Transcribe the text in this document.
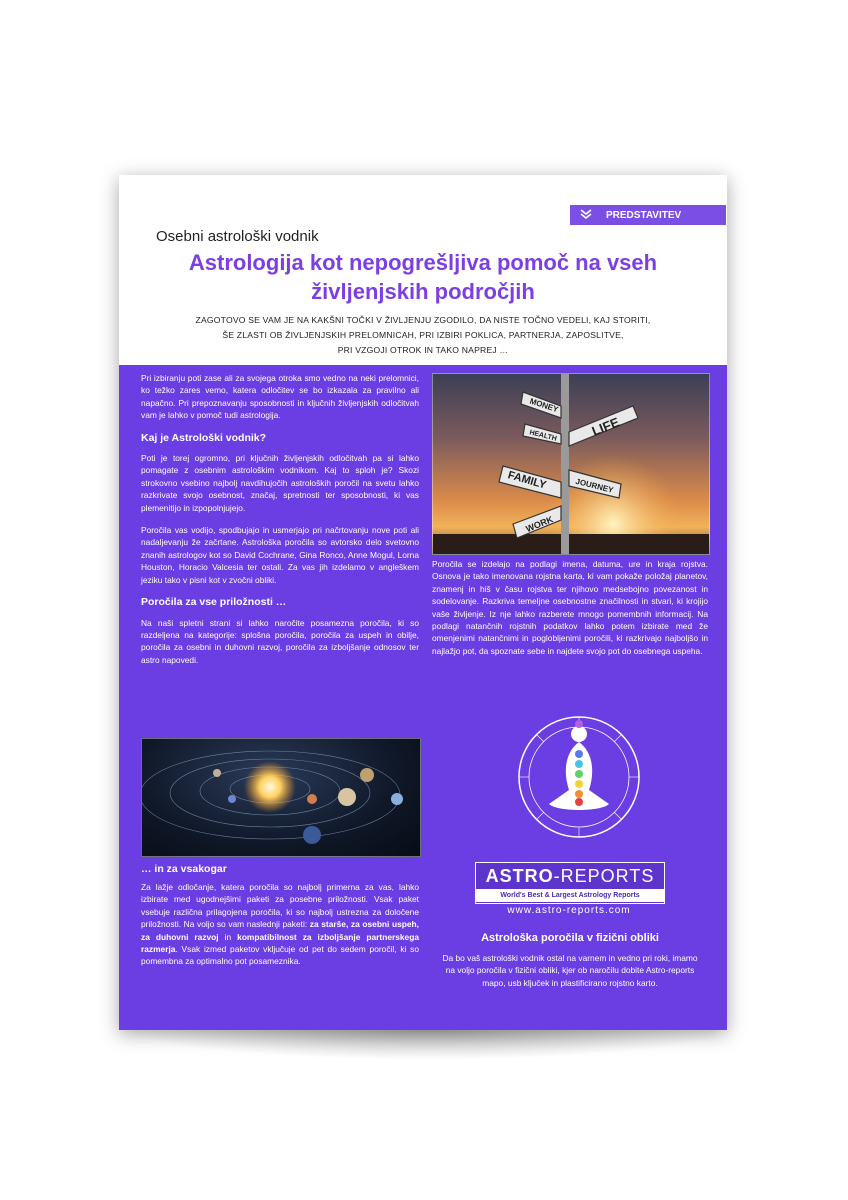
PREDSTAVITEV
Osebni astrološki vodnik
Astrologija kot nepogrešljiva pomoč na vseh
življenjskih področjih
ZAGOTOVO SE VAM JE NA KAKŠNI TOČKI V ŽIVLJENJU ZGODILO, DA NISTE TOČNO VEDELI, KAJ STORITI,
ŠE ZLASTI OB ŽIVLJENJSKIH PRELOMNICAH, PRI IZBIRI POKLICA, PARTNERJA, ZAPOSLITVE,
PRI VZGOJI OTROK IN TAKO NAPREJ …

Pri izbiranju poti zase ali za svojega otroka smo vedno na neki prelomnici, ko težko zares vemo, katera odločitev se bo izkazala za pravilno ali napačno. Pri prepoznavanju sposobnosti in ključnih življenjskih odločitvah vam je lahko v pomoč tudi astrologija.

Kaj je Astrološki vodnik?

Poti je torej ogromno, pri ključnih življenjskih odločitvah pa si lahko pomagate z osebnim astrološkim vodnikom. Kaj to sploh je? Skozi strokovno vsebino najbolj navdihujočih astroloških poročil na svetu lahko razkrivate svojo osebnost, značaj, spretnosti ter sposobnosti, ki vas plemenitijo in izpopolnjujejo.

Poročila vas vodijo, spodbujajo in usmerjajo pri načrtovanju nove poti ali nadaljevanju že začrtane. Astrološka poročila so avtorsko delo svetovno znanih astrologov kot so David Cochrane, Gina Ronco, Anne Mogul, Lorna Houston, Horacio Valcesia ter ostali. Za vas jih izdelamo v angleškem jeziku tako v pisni kot v zvočni obliki.

Poročila za vse priložnosti …

Na naši spletni strani si lahko naročite posamezna poročila, ki so razdeljena na kategorije: splošna poročila, poročila za uspeh in obilje, poročila za osebni in duhovni razvoj, poročila za izboljšanje odnosov ter astro napovedi.

MONEY
HEALTH LIFE
FAMILY	JOURNEY
WORK

Poročila se izdelajo na podlagi imena, datuma, ure in kraja rojstva. Osnova je tako imenovana rojstna karta, ki vam pokaže položaj planetov, znamenj in hiš v času rojstva ter njihovo medsebojno povezanost in sodelovanje. Razkriva temeljne osebnostne značilnosti in stvari, ki krojijo vaše življenje. Iz nje lahko razberete mnogo pomembnih informacij. Na podlagi natančnih rojstnih podatkov lahko potem izbirate med že omenjenimi natančnimi in poglobljenimi poročili, ki razkrivajo najboljšo in najlažjo pot, da spoznate sebe in najdete svojo pot do osebnega uspeha.

ASTRO-REPORTS
World's Best & Largest Astrology Reports
www.astro-reports.com
… in za vsakogar

Za lažje odločanje, katera poročila so najbolj primerna za vas, lahko izbirate med ugodnejšimi paketi za posebne priložnosti. Vsak paket vsebuje različna prilagojena poročila, ki so najbolj ustrezna za določene priložnosti. Na voljo so vam naslednji paketi: za starše, za osebni uspeh, za duhovni razvoj in kompatibilnost za izboljšanje partnerskega razmerja. Vsak izmed paketov vključuje od pet do sedem poročil, ki so pomembna za optimalno pot posameznika.

Astrološka poročila v fizični obliki
Da bo vaš astrološki vodnik ostal na varnem in vedno pri roki, imamo na voljo poročila v fizični obliki, kjer ob naročilu dobite Astro-reports mapo, usb ključek in plastificirano rojstno karto.
